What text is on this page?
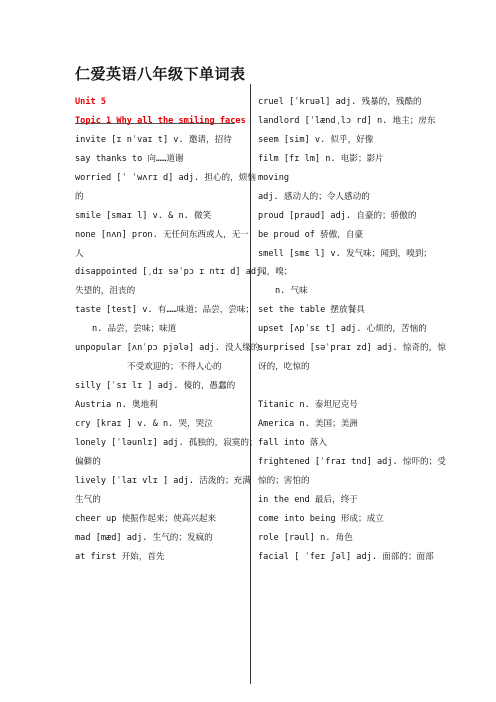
仁爱英语八年级下单词表
Unit 5
Topic 1 Why all the smiling faces
invite [ɪ nˈvaɪ t] v. 邀请，招待
say thanks to 向……道谢
worried [ˈ ˈwʌrɪ d] adj. 担心的，烦恼
的
smile [smaɪ l] v. & n. 微笑
none [nʌn] pron. 无任何东西或人，无一
人
disappointed [ˌdɪ səˈpɔ ɪ ntɪ d] adj.
失望的，沮丧的
taste [test] v. 有……味道；品尝，尝味；
n. 品尝，尝味；味道
unpopular [ʌnˈpɔ pjələ] adj. 没人缘的；
不受欢迎的；不得人心的
silly [ˈsɪ lɪ ] adj. 傻的，愚蠢的
Austria n. 奥地利
cry [kraɪ ] v. & n. 哭，哭泣
lonely [ˈləunlɪ] adj. 孤独的，寂寞的；
偏僻的
lively [ˈlaɪ vlɪ ] adj. 活泼的；充满
生气的
cheer up 使振作起来；使高兴起来
mad [mæd] adj. 生气的；发疯的
at first 开始，首先
cruel [ˈkruəl] adj. 残暴的，残酷的
landlord [ˈlændˌlɔ rd] n. 地主；房东
seem [sim] v. 似乎，好像
film [fɪ lm] n. 电影；影片
moving
adj. 感动人的；令人感动的
proud [praud] adj. 自豪的；骄傲的
be proud of 骄傲，自豪
smell [smɛ l] v. 发气味；闻到，嗅到；
闻，嗅；
n. 气味
set the table 摆放餐具
upset [ʌpˈsɛ t] adj. 心烦的，苦恼的
surprised [səˈpraɪ zd] adj. 惊奇的，惊
讶的，吃惊的
Titanic n. 泰坦尼克号
America n. 美国；美洲
fall into 落入
frightened [ˈfraɪ tnd] adj. 惊吓的；受
惊的；害怕的
in the end 最后，终于
come into being 形成；成立
role [rəul] n. 角色
facial [ ˈfeɪ ʃəl] adj. 面部的；面部
